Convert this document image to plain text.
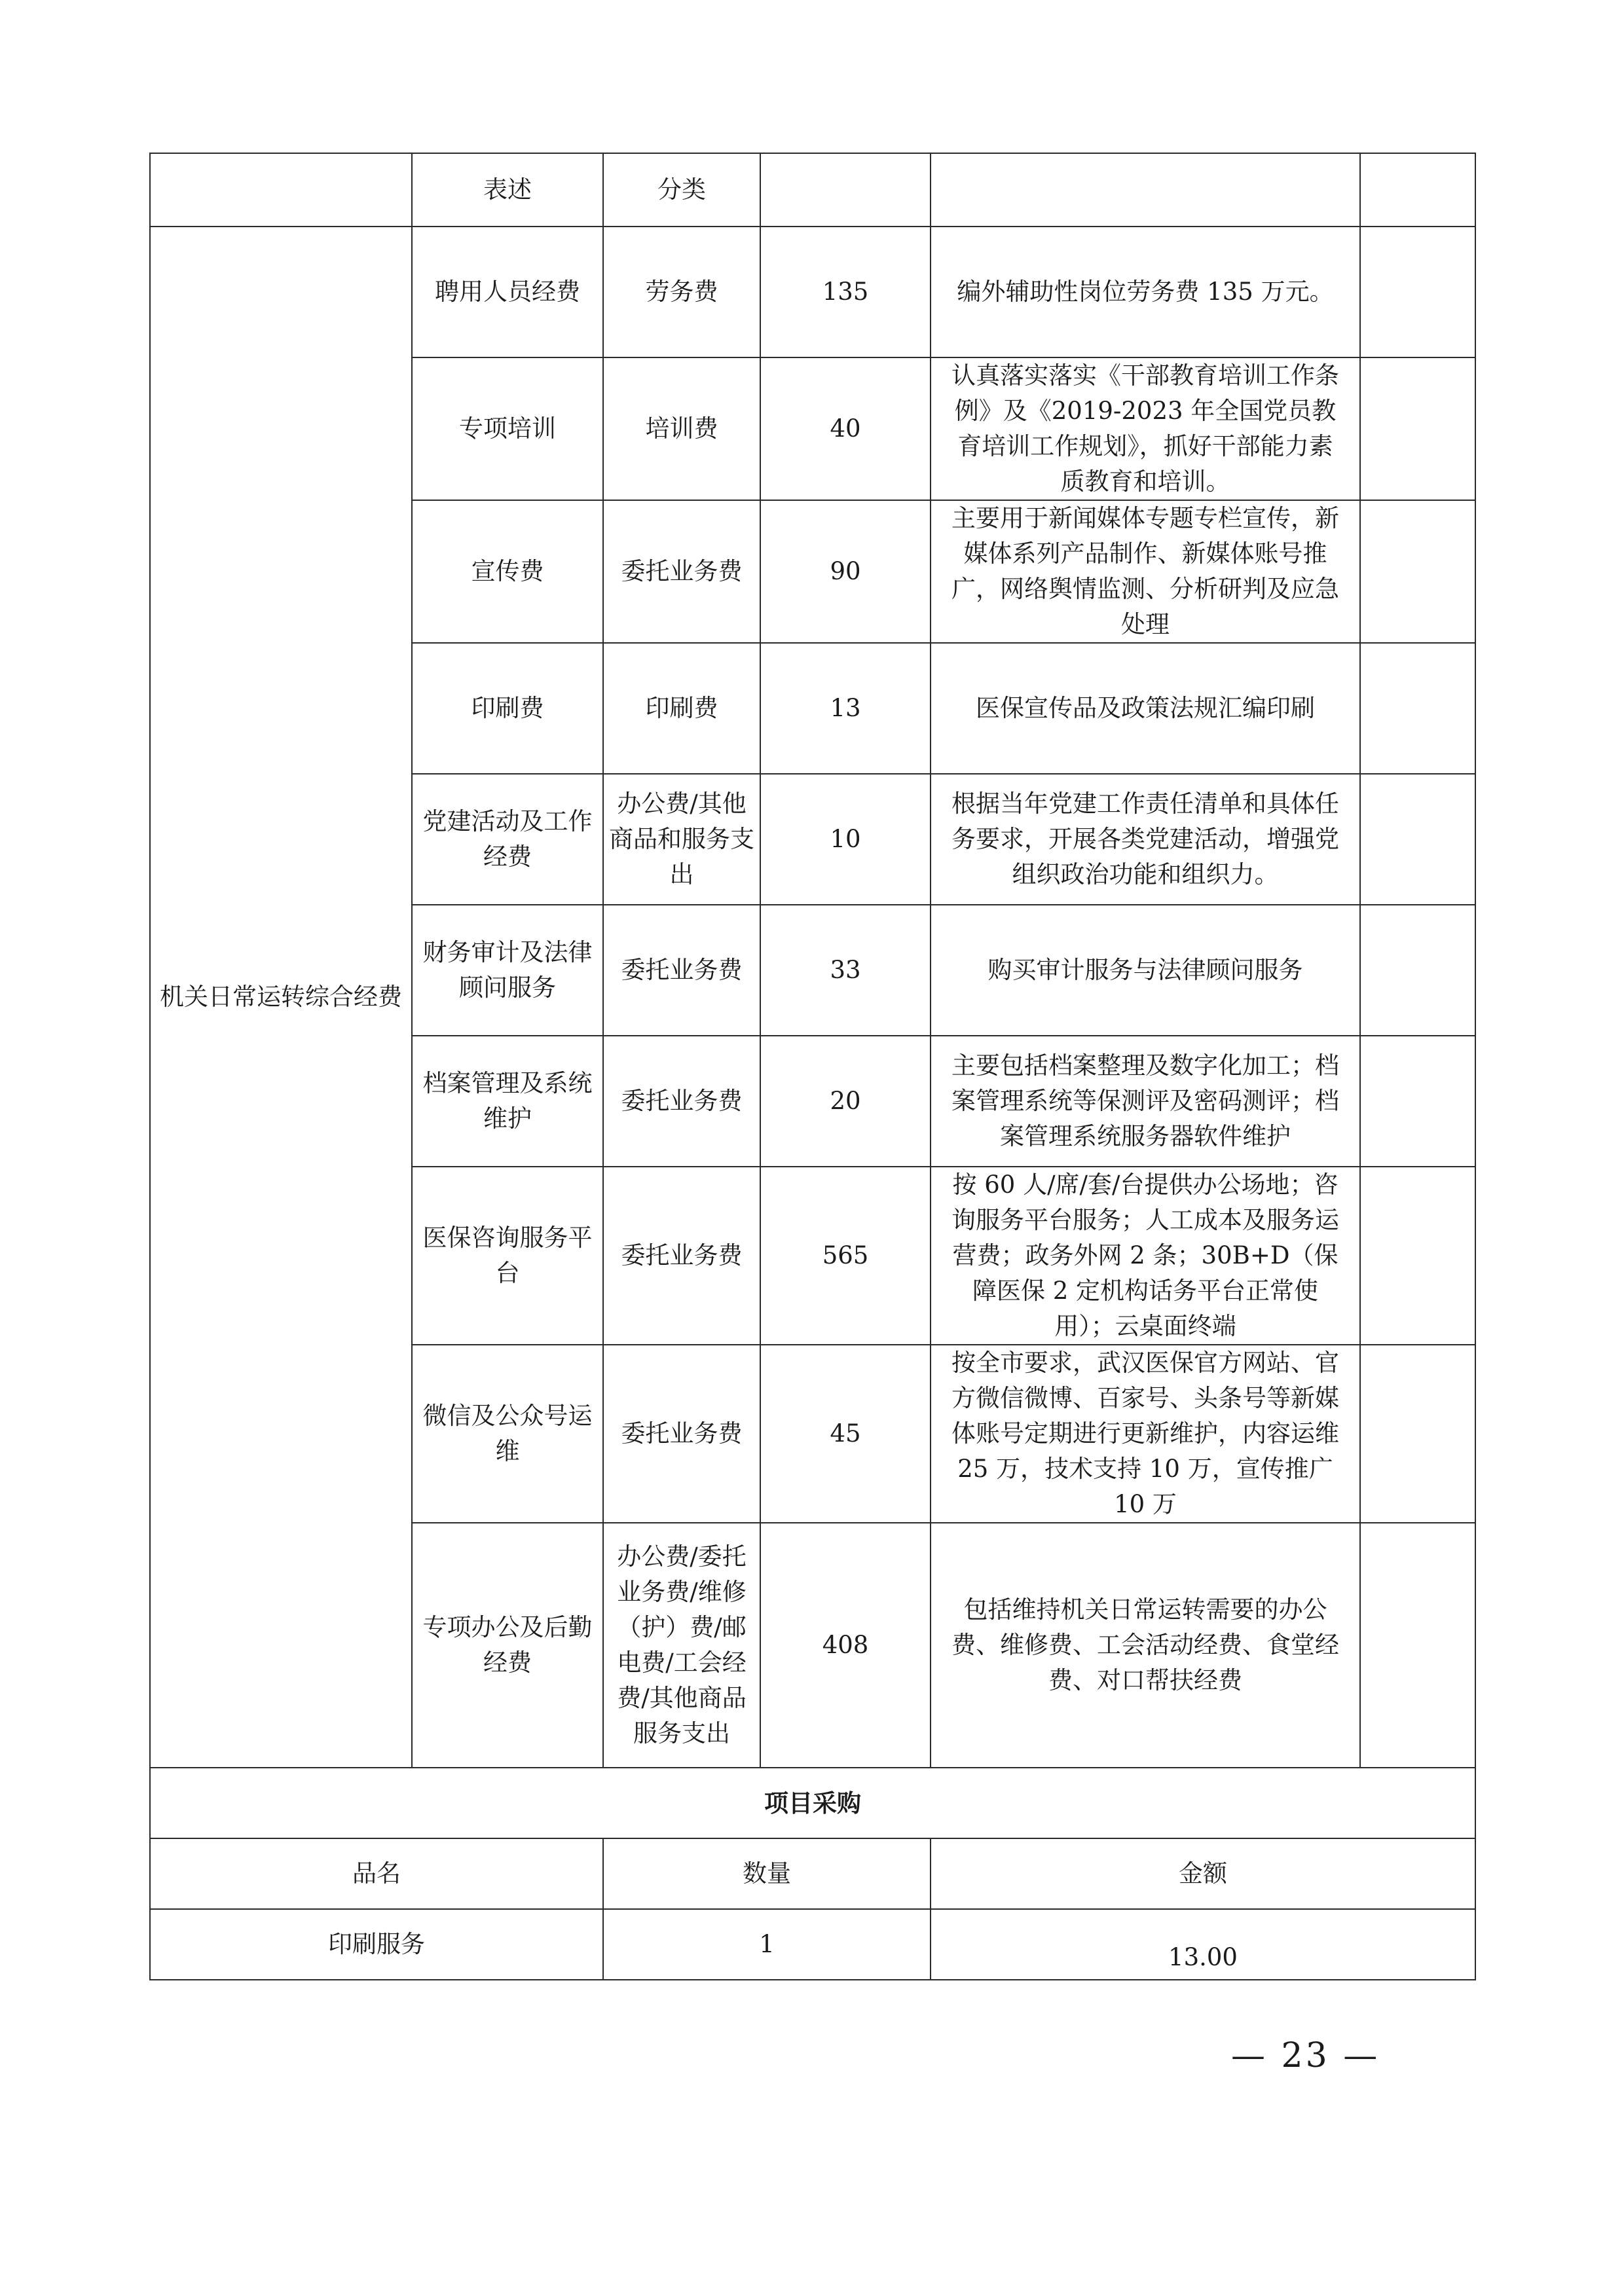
	表述	分类			
机关日常运转综合经费	聘用人员经费	劳务费	135	编外辅助性岗位劳务费 135 万元。	
	专项培训	培训费	40	认真落实落实《干部教育培训工作条例》及《2019-2023 年全国党员教育培训工作规划》，抓好干部能力素质教育和培训。	
	宣传费	委托业务费	90	主要用于新闻媒体专题专栏宣传，新媒体系列产品制作、新媒体账号推广，网络舆情监测、分析研判及应急处理	
	印刷费	印刷费	13	医保宣传品及政策法规汇编印刷	
	党建活动及工作经费	办公费/其他商品和服务支出	10	根据当年党建工作责任清单和具体任务要求，开展各类党建活动，增强党组织政治功能和组织力。	
	财务审计及法律顾问服务	委托业务费	33	购买审计服务与法律顾问服务	
	档案管理及系统维护	委托业务费	20	主要包括档案整理及数字化加工；档案管理系统等保测评及密码测评；档案管理系统服务器软件维护	
	医保咨询服务平台	委托业务费	565	按 60 人/席/套/台提供办公场地；咨询服务平台服务；人工成本及服务运营费；政务外网 2 条；30B+D（保障医保 2 定机构话务平台正常使用）；云桌面终端	
	微信及公众号运维	委托业务费	45	按全市要求，武汉医保官方网站、官方微信微博、百家号、头条号等新媒体账号定期进行更新维护，内容运维 25 万，技术支持 10 万，宣传推广 10 万	
	专项办公及后勤经费	办公费/委托业务费/维修（护）费/邮电费/工会经费/其他商品服务支出	408	包括维持机关日常运转需要的办公费、维修费、工会活动经费、食堂经费、对口帮扶经费	
项目采购					
品名		数量		金额	
印刷服务		1		13.00	
— 23 —
